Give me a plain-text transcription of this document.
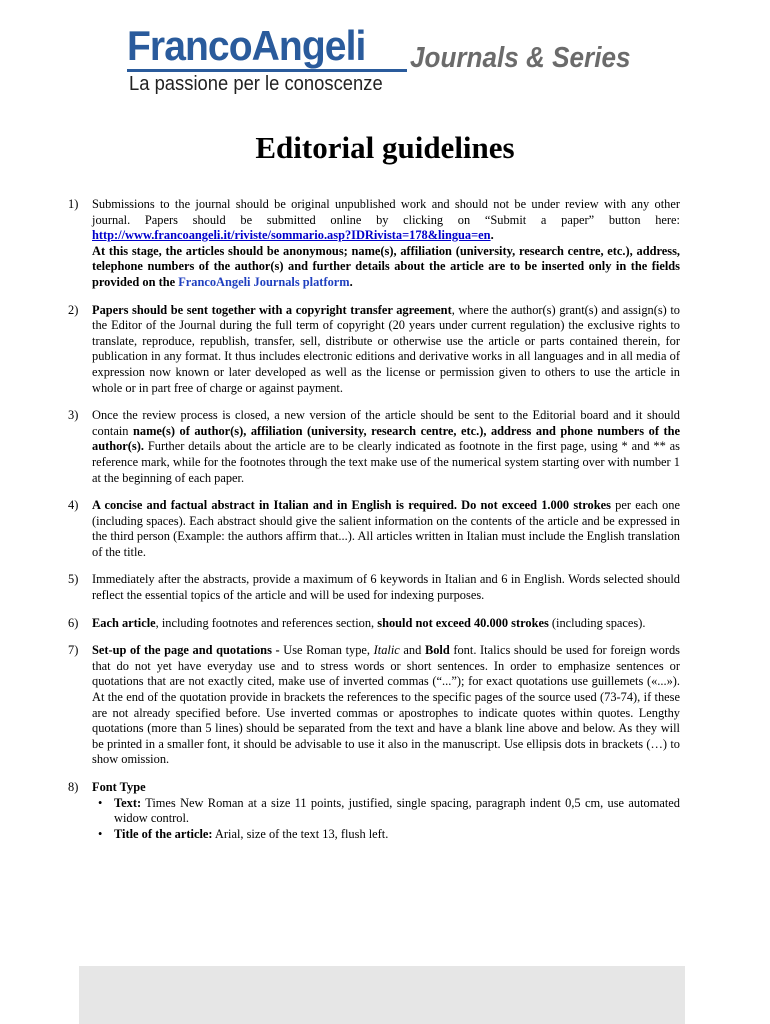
FrancoAngeli
La passione per le conoscenze
Journals & Series
Editorial guidelines
1) Submissions to the journal should be original unpublished work and should not be under review with any other journal. Papers should be submitted online by clicking on “Submit a paper” button here: http://www.francoangeli.it/riviste/sommario.asp?IDRivista=178&lingua=en.
At this stage, the articles should be anonymous; name(s), affiliation (university, research centre, etc.), address, telephone numbers of the author(s) and further details about the article are to be inserted only in the fields provided on the FrancoAngeli Journals platform.
2) Papers should be sent together with a copyright transfer agreement, where the author(s) grant(s) and assign(s) to the Editor of the Journal during the full term of copyright (20 years under current regulation) the exclusive rights to translate, reproduce, republish, transfer, sell, distribute or otherwise use the article or parts contained therein, for publication in any format. It thus includes electronic editions and derivative works in all languages and in all media of expression now known or later developed as well as the license or permission given to others to use the article in whole or in part free of charge or against payment.
3) Once the review process is closed, a new version of the article should be sent to the Editorial board and it should contain name(s) of author(s), affiliation (university, research centre, etc.), address and phone numbers of the author(s). Further details about the article are to be clearly indicated as footnote in the first page, using * and ** as reference mark, while for the footnotes through the text make use of the numerical system starting over with number 1 at the beginning of each paper.
4) A concise and factual abstract in Italian and in English is required. Do not exceed 1.000 strokes per each one (including spaces). Each abstract should give the salient information on the contents of the article and be expressed in the third person (Example: the authors affirm that...). All articles written in Italian must include the English translation of the title.
5) Immediately after the abstracts, provide a maximum of 6 keywords in Italian and 6 in English. Words selected should reflect the essential topics of the article and will be used for indexing purposes.
6) Each article, including footnotes and references section, should not exceed 40.000 strokes (including spaces).
7) Set-up of the page and quotations - Use Roman type, Italic and Bold font. Italics should be used for foreign words that do not yet have everyday use and to stress words or short sentences. In order to emphasize sentences or quotations that are not exactly cited, make use of inverted commas (“...”); for exact quotations use guillemets («...»). At the end of the quotation provide in brackets the references to the specific pages of the source used (73-74), if these are not already specified before. Use inverted commas or apostrophes to indicate quotes within quotes. Lengthy quotations (more than 5 lines) should be separated from the text and have a blank line above and below. As they will be printed in a smaller font, it should be advisable to use it also in the manuscript. Use ellipsis dots in brackets (…) to show omission.
8) Font Type
• Text: Times New Roman at a size 11 points, justified, single spacing, paragraph indent 0,5 cm, use automated widow control.
• Title of the article: Arial, size of the text 13, flush left.
